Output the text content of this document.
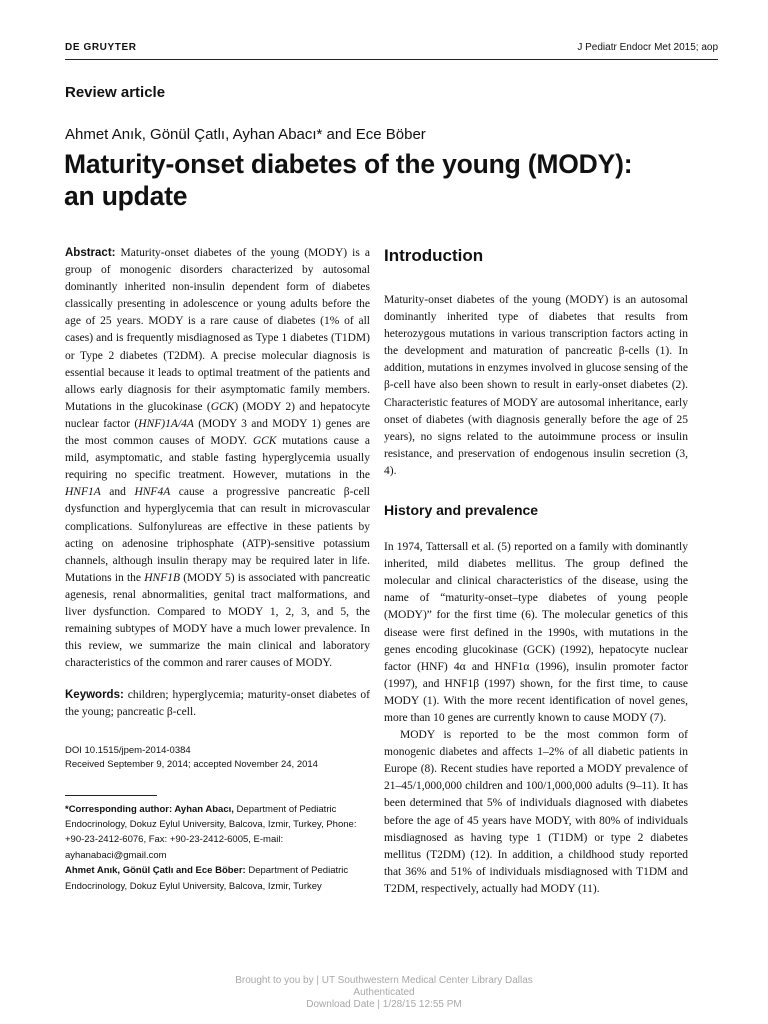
DE GRUYTER	J Pediatr Endocr Met 2015; aop
Review article
Ahmet Anık, Gönül Çatlı, Ayhan Abacı* and Ece Böber
Maturity-onset diabetes of the young (MODY):
an update

Abstract: Maturity-onset diabetes of the young (MODY) is a group of monogenic disorders characterized by autosomal dominantly inherited non-insulin dependent form of diabetes classically presenting in adolescence or young adults before the age of 25 years. MODY is a rare cause of diabetes (1% of all cases) and is frequently misdiagnosed as Type 1 diabetes (T1DM) or Type 2 diabetes (T2DM). A precise molecular diagnosis is essential because it leads to optimal treatment of the patients and allows early diagnosis for their asymptomatic family members. Mutations in the glucokinase (GCK) (MODY 2) and hepatocyte nuclear factor (HNF)1A/4A (MODY 3 and MODY 1) genes are the most common causes of MODY. GCK mutations cause a mild, asymptomatic, and stable fasting hyperglycemia usually requiring no specific treatment. However, mutations in the HNF1A and HNF4A cause a progressive pancreatic β-cell dysfunction and hyperglycemia that can result in microvascular complications. Sulfonylureas are effective in these patients by acting on adenosine triphosphate (ATP)-sensitive potassium channels, although insulin therapy may be required later in life. Mutations in the HNF1B (MODY 5) is associated with pancreatic agenesis, renal abnormalities, genital tract malformations, and liver dysfunction. Compared to MODY 1, 2, 3, and 5, the remaining subtypes of MODY have a much lower prevalence. In this review, we summarize the main clinical and laboratory characteristics of the common and rarer causes of MODY.

Keywords: children; hyperglycemia; maturity-onset diabetes of the young; pancreatic β-cell.

DOI 10.1515/jpem-2014-0384
Received September 9, 2014; accepted November 24, 2014
*Corresponding author: Ayhan Abacı, Department of Pediatric Endocrinology, Dokuz Eylul University, Balcova, Izmir, Turkey, Phone: +90-23-2412-6076, Fax: +90-23-2412-6005, E-mail: ayhanabaci@gmail.com
Ahmet Anık, Gönül Çatlı and Ece Böber: Department of Pediatric Endocrinology, Dokuz Eylul University, Balcova, Izmir, Turkey
Introduction

Maturity-onset diabetes of the young (MODY) is an autosomal dominantly inherited type of diabetes that results from heterozygous mutations in various transcription factors acting in the development and maturation of pancreatic β-cells (1). In addition, mutations in enzymes involved in glucose sensing of the β-cell have also been shown to result in early-onset diabetes (2). Characteristic features of MODY are autosomal inheritance, early onset of diabetes (with diagnosis generally before the age of 25 years), no signs related to the autoimmune process or insulin resistance, and preservation of endogenous insulin secretion (3, 4).

History and prevalence

In 1974, Tattersall et al. (5) reported on a family with dominantly inherited, mild diabetes mellitus. The group defined the molecular and clinical characteristics of the disease, using the name of “maturity-onset–type diabetes of young people (MODY)” for the first time (6). The molecular genetics of this disease were first defined in the 1990s, with mutations in the genes encoding glucokinase (GCK) (1992), hepatocyte nuclear factor (HNF) 4α and HNF1α (1996), insulin promoter factor (1997), and HNF1β (1997) shown, for the first time, to cause MODY (1). With the more recent identification of novel genes, more than 10 genes are currently known to cause MODY (7).

MODY is reported to be the most common form of monogenic diabetes and affects 1–2% of all diabetic patients in Europe (8). Recent studies have reported a MODY prevalence of 21–45/1,000,000 children and 100/1,000,000 adults (9–11). It has been determined that 5% of individuals diagnosed with diabetes before the age of 45 years have MODY, with 80% of individuals misdiagnosed as having type 1 (T1DM) or type 2 diabetes mellitus (T2DM) (12). In addition, a childhood study reported that 36% and 51% of individuals misdiagnosed with T1DM and T2DM, respectively, actually had MODY (11).

Brought to you by | UT Southwestern Medical Center Library Dallas
Authenticated
Download Date | 1/28/15 12:55 PM
